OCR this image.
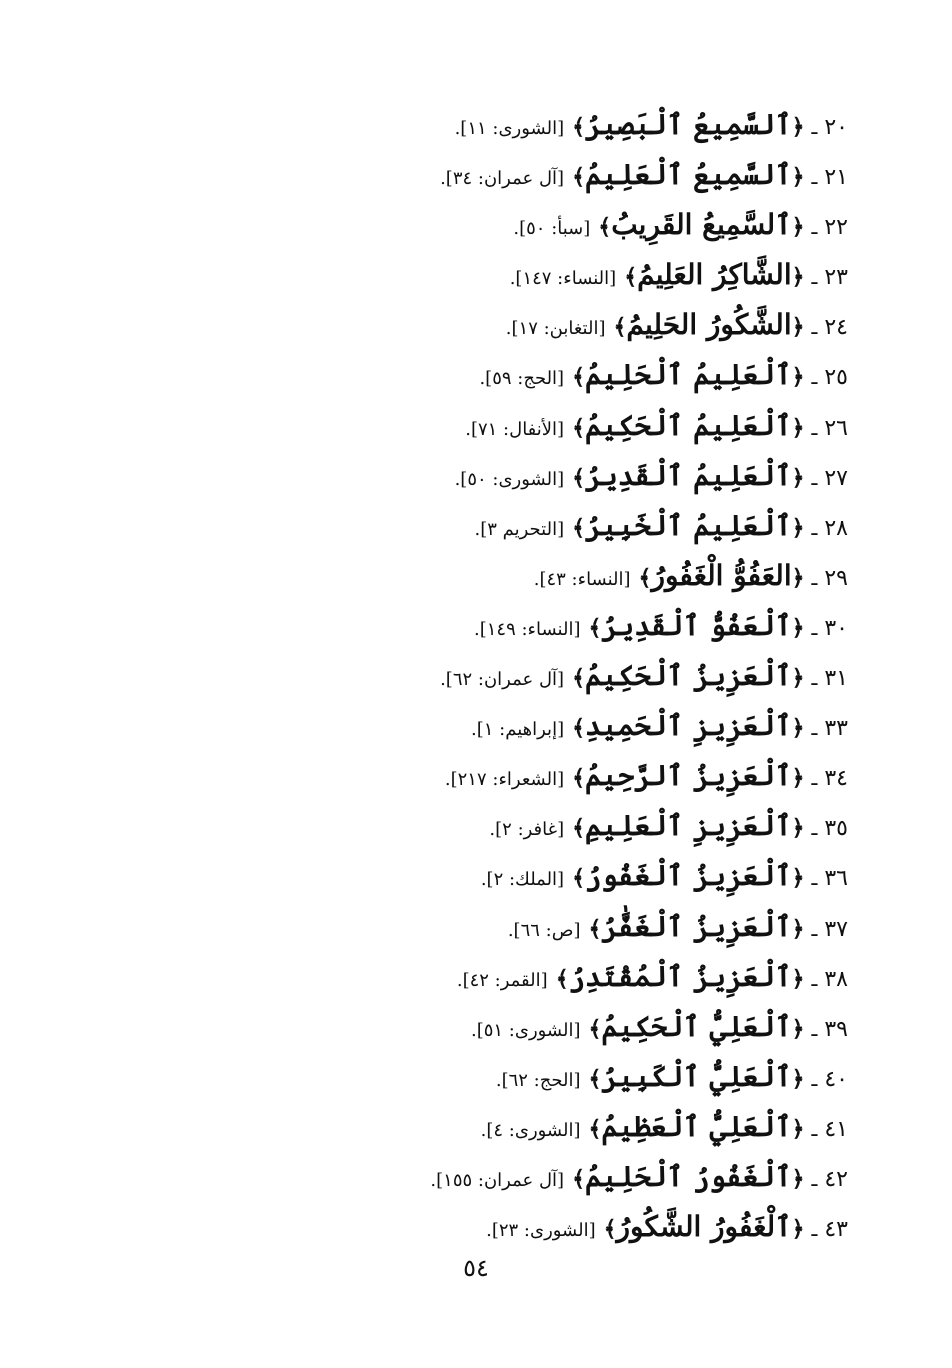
٢٠ـ﴿ٱلسَّمِيعُ ٱلْبَصِيرُ﴾[الشورى: ١١].
٢١ـ﴿ٱلسَّمِيعُ ٱلْعَلِيمُ﴾[آل عمران: ٣٤].
٢٢ـ﴿ٱلسَّمِيعُ القَرِيبُ﴾[سبأ: ٥٠].
٢٣ـ﴿الشَّاكِرُ العَلِيمُ﴾[النساء: ١٤٧].
٢٤ـ﴿الشَّكُورُ الحَلِيمُ﴾[التغابن: ١٧].
٢٥ـ﴿ٱلْعَلِيمُ ٱلْحَلِيمُ﴾[الحج: ٥٩].
٢٦ـ﴿ٱلْعَلِيمُ ٱلْحَكِيمُ﴾[الأنفال: ٧١].
٢٧ـ﴿ٱلْعَلِيمُ ٱلْقَدِيرُ﴾[الشورى: ٥٠].
٢٨ـ﴿ٱلْعَلِيمُ ٱلْخَبِيرُ﴾[التحريم ٣].
٢٩ـ﴿العَفُوُّ الْغَفُورُ﴾[النساء: ٤٣].
٣٠ـ﴿ٱلْعَفُوُّ ٱلْقَدِيرُ﴾[النساء: ١٤٩].
٣١ـ﴿ٱلْعَزِيزُ ٱلْحَكِيمُ﴾[آل عمران: ٦٢].
٣٣ـ﴿ٱلْعَزِيزِ ٱلْحَمِيدِ﴾[إبراهيم: ١].
٣٤ـ﴿ٱلْعَزِيزُ ٱلرَّحِيمُ﴾[الشعراء: ٢١٧].
٣٥ـ﴿ٱلْعَزِيزِ ٱلْعَلِيمِ﴾[غافر: ٢].
٣٦ـ﴿ٱلْعَزِيزُ ٱلْغَفُورُ﴾[الملك: ٢].
٣٧ـ﴿ٱلْعَزِيزُ ٱلْغَفَّٰرُ﴾[ص: ٦٦].
٣٨ـ﴿ٱلْعَزِيزُ ٱلْمُقْتَدِرُ﴾[القمر: ٤٢].
٣٩ـ﴿ٱلْعَلِيُّ ٱلْحَكِيمُ﴾[الشورى: ٥١].
٤٠ـ﴿ٱلْعَلِيُّ ٱلْكَبِيرُ﴾[الحج: ٦٢].
٤١ـ﴿ٱلْعَلِيُّ ٱلْعَظِيمُ﴾[الشورى: ٤].
٤٢ـ﴿ٱلْغَفُورُ ٱلْحَلِيمُ﴾[آل عمران: ١٥٥].
٤٣ـ﴿ٱلْغَفُورُ الشَّكُورُ﴾[الشورى: ٢٣].
٥٤
